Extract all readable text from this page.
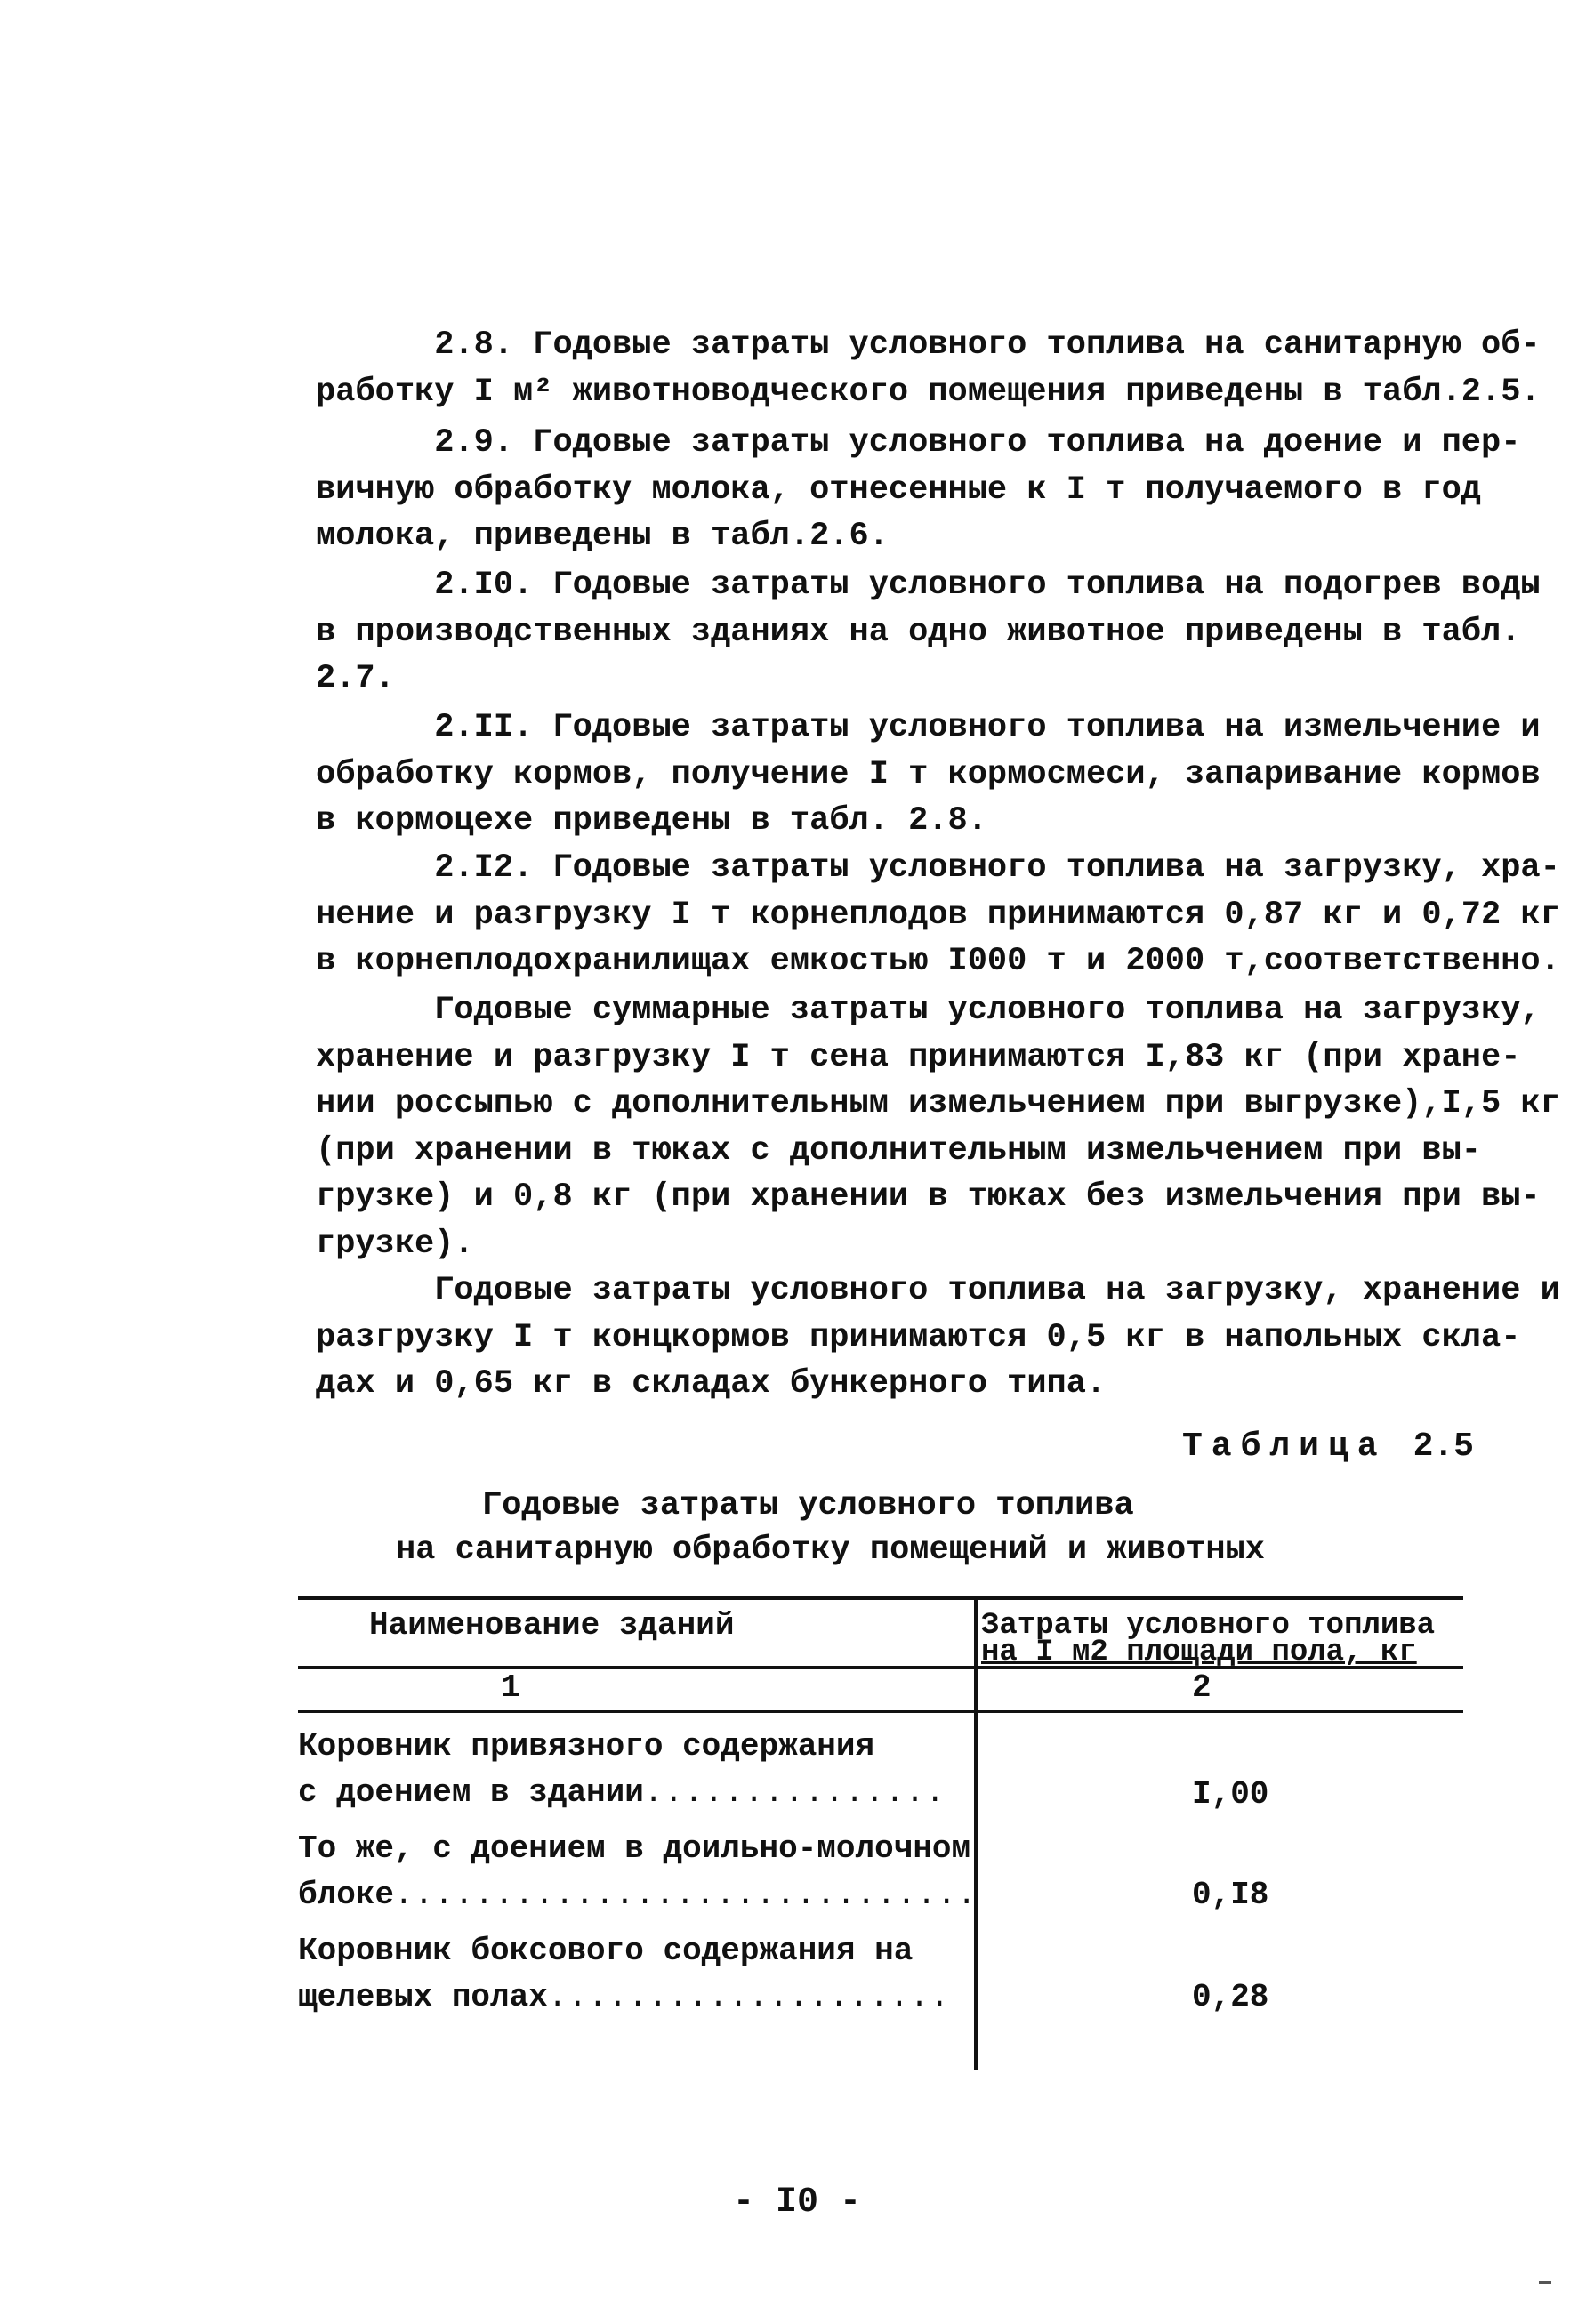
2.8. Годовые затраты условного топлива на санитарную об-
работку I м² животноводческого помещения приведены в табл.2.5.
2.9. Годовые затраты условного топлива на доение и пер-
вичную обработку молока, отнесенные к I т получаемого в год
молока, приведены в табл.2.6.
2.I0. Годовые затраты условного топлива на подогрев воды
в производственных зданиях на одно животное приведены в табл.
2.7.
2.II. Годовые затраты условного топлива на измельчение и
обработку кормов, получение I т кормосмеси, запаривание кормов
в кормоцехе приведены в табл. 2.8.
2.I2. Годовые затраты условного топлива на загрузку, хра-
нение и разгрузку I т корнеплодов принимаются 0,87 кг и 0,72 кг
в корнеплодохранилищах емкостью I000 т и 2000 т,соответственно.
Годовые суммарные затраты условного топлива на загрузку,
хранение и разгрузку I т сена принимаются I,83 кг (при хране-
нии россыпью с дополнительным измельчением при выгрузке),I,5 кг
(при хранении в тюках с дополнительным измельчением при вы-
грузке) и 0,8 кг (при хранении в тюках без измельчения при вы-
грузке).
Годовые затраты условного топлива на загрузку, хранение и
разгрузку I т концкормов принимаются 0,5 кг в напольных скла-
дах и 0,65 кг в складах бункерного типа.
Таблица 2.5
Годовые затраты условного топлива
на санитарную обработку помещений и животных
Наименование зданий	Затраты условного топлива
на I м2 площади пола, кг
1	2
Коровник привязного содержания
с доением в здании...............	I,00
То же, с доением в доильно-молочном
блоке.............................	0,I8
Коровник боксового содержания на
щелевых полах....................	0,28
- I0 -
